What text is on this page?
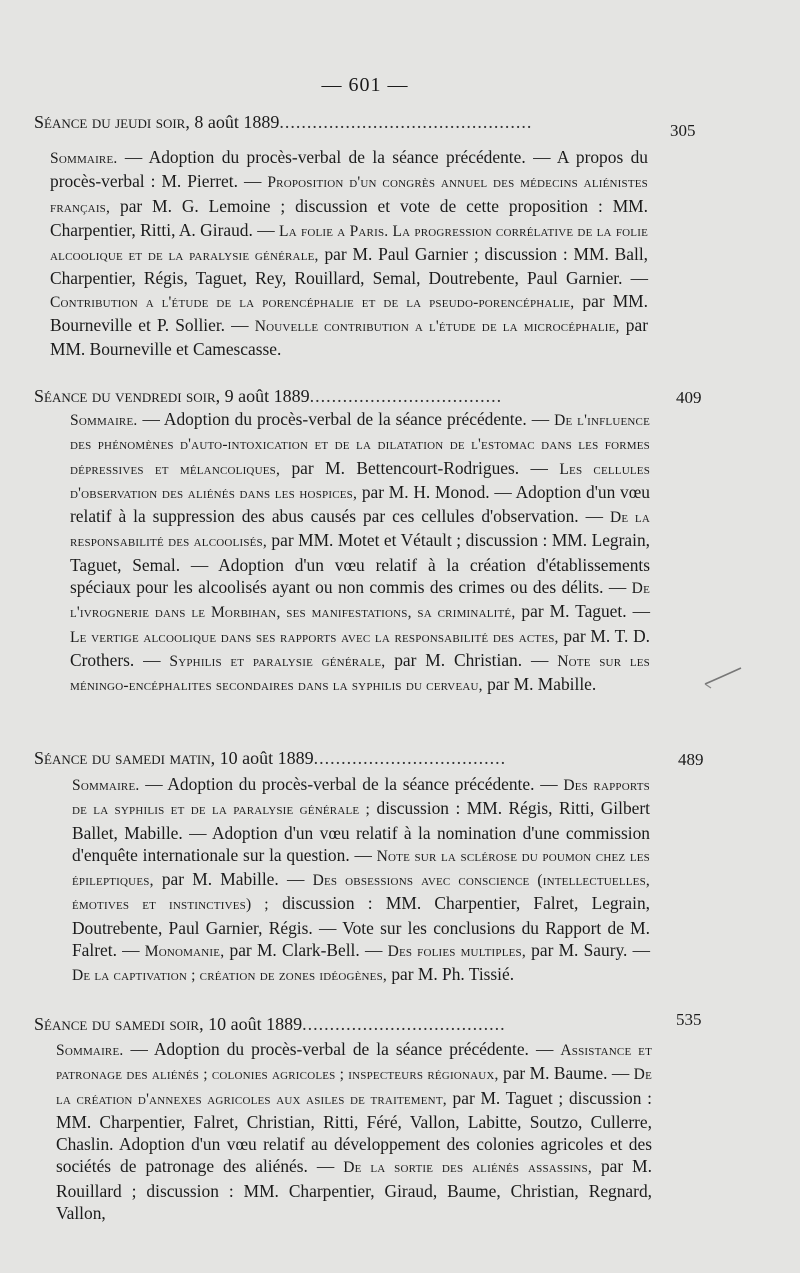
— 601 —
Séance du jeudi soir, 8 août 1889..............................................	305
Sommaire. — Adoption du procès-verbal de la séance précédente. — A propos du procès-verbal : M. Pierret. — Proposition d'un congrès annuel des médecins aliénistes français, par M. G. Lemoine ; discussion et vote de cette proposition : MM. Charpentier, Ritti, A. Giraud. — La folie a Paris. La progression corrélative de la folie alcoolique et de la paralysie générale, par M. Paul Garnier ; discussion : MM. Ball, Charpentier, Régis, Taguet, Rey, Rouillard, Semal, Doutrebente, Paul Garnier. — Contribution a l'étude de la porencéphalie et de la pseudo-porencéphalie, par MM. Bourneville et P. Sollier. — Nouvelle contribution a l'étude de la microcéphalie, par MM. Bourneville et Camescasse.
Séance du vendredi soir, 9 août 1889...................................	409
Sommaire. — Adoption du procès-verbal de la séance précédente. — De l'influence des phénomènes d'auto-intoxication et de la dilatation de l'estomac dans les formes dépressives et mélancoliques, par M. Bettencourt-Rodrigues. — Les cellules d'observation des aliénés dans les hospices, par M. H. Monod. — Adoption d'un vœu relatif à la suppression des abus causés par ces cellules d'observation. — De la responsabilité des alcoolisés, par MM. Motet et Vétault ; discussion : MM. Legrain, Taguet, Semal. — Adoption d'un vœu relatif à la création d'établissements spéciaux pour les alcoolisés ayant ou non commis des crimes ou des délits. — De l'ivrognerie dans le Morbihan, ses manifestations, sa criminalité, par M. Taguet. — Le vertige alcoolique dans ses rapports avec la responsabilité des actes, par M. T. D. Crothers. — Syphilis et paralysie générale, par M. Christian. — Note sur les méningo-encéphalites secondaires dans la syphilis du cerveau, par M. Mabille.
Séance du samedi matin, 10 août 1889...................................	489
Sommaire. — Adoption du procès-verbal de la séance précédente. — Des rapports de la syphilis et de la paralysie générale ; discussion : MM. Régis, Ritti, Gilbert Ballet, Mabille. — Adoption d'un vœu relatif à la nomination d'une commission d'enquête internationale sur la question. — Note sur la sclérose du poumon chez les épileptiques, par M. Mabille. — Des obsessions avec conscience (intellectuelles, émotives et instinctives) ; discussion : MM. Charpentier, Falret, Legrain, Doutrebente, Paul Garnier, Régis. — Vote sur les conclusions du Rapport de M. Falret. — Monomanie, par M. Clark-Bell. — Des folies multiples, par M. Saury. — De la captivation ; création de zones idéogènes, par M. Ph. Tissié.
Séance du samedi soir, 10 août 1889.....................................	535
Sommaire. — Adoption du procès-verbal de la séance précédente. — Assistance et patronage des aliénés ; colonies agricoles ; inspecteurs régionaux, par M. Baume. — De la création d'annexes agricoles aux asiles de traitement, par M. Taguet ; discussion : MM. Charpentier, Falret, Christian, Ritti, Féré, Vallon, Labitte, Soutzo, Cullerre, Chaslin. Adoption d'un vœu relatif au développement des colonies agricoles et des sociétés de patronage des aliénés. — De la sortie des aliénés assassins, par M. Rouillard ; discussion : MM. Charpentier, Giraud, Baume, Christian, Regnard, Vallon,
